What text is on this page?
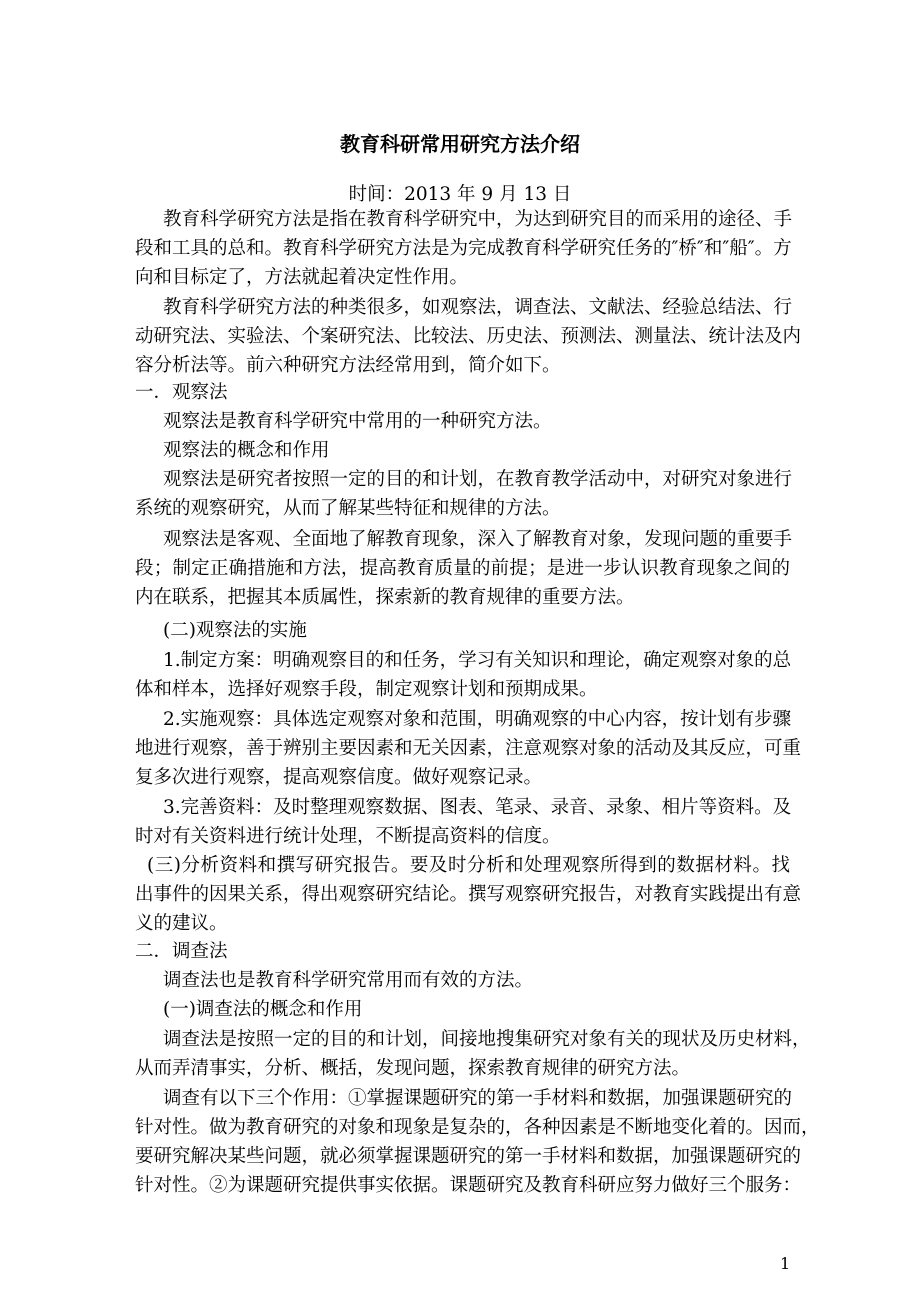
教育科研常用研究方法介绍
时间：2013 年 9 月 13 日
教育科学研究方法是指在教育科学研究中，为达到研究目的而采用的途径、手
段和工具的总和。教育科学研究方法是为完成教育科学研究任务的″桥″和″船″。方
向和目标定了，方法就起着决定性作用。
教育科学研究方法的种类很多，如观察法，调查法、文献法、经验总结法、行
动研究法、实验法、个案研究法、比较法、历史法、预测法、测量法、统计法及内
容分析法等。前六种研究方法经常用到，简介如下。
一．观察法
观察法是教育科学研究中常用的一种研究方法。
观察法的概念和作用
观察法是研究者按照一定的目的和计划，在教育教学活动中，对研究对象进行
系统的观察研究，从而了解某些特征和规律的方法。
观察法是客观、全面地了解教育现象，深入了解教育对象，发现问题的重要手
段；制定正确措施和方法，提高教育质量的前提；是进一步认识教育现象之间的
内在联系，把握其本质属性，探索新的教育规律的重要方法。
(二)观察法的实施
1.制定方案：明确观察目的和任务，学习有关知识和理论，确定观察对象的总
体和样本，选择好观察手段，制定观察计划和预期成果。
2.实施观察：具体选定观察对象和范围，明确观察的中心内容，按计划有步骤
地进行观察，善于辨别主要因素和无关因素，注意观察对象的活动及其反应，可重
复多次进行观察，提高观察信度。做好观察记录。
3.完善资料：及时整理观察数据、图表、笔录、录音、录象、相片等资料。及
时对有关资料进行统计处理，不断提高资料的信度。
(三)分析资料和撰写研究报告。要及时分析和处理观察所得到的数据材料。找
出事件的因果关系，得出观察研究结论。撰写观察研究报告，对教育实践提出有意
义的建议。
二．调查法
调查法也是教育科学研究常用而有效的方法。
(一)调查法的概念和作用
调查法是按照一定的目的和计划，间接地搜集研究对象有关的现状及历史材料，
从而弄清事实，分析、概括，发现问题，探索教育规律的研究方法。
调查有以下三个作用：①掌握课题研究的第一手材料和数据，加强课题研究的
针对性。做为教育研究的对象和现象是复杂的，各种因素是不断地变化着的。因而，
要研究解决某些问题，就必须掌握课题研究的第一手材料和数据，加强课题研究的
针对性。②为课题研究提供事实依据。课题研究及教育科研应努力做好三个服务：
1
